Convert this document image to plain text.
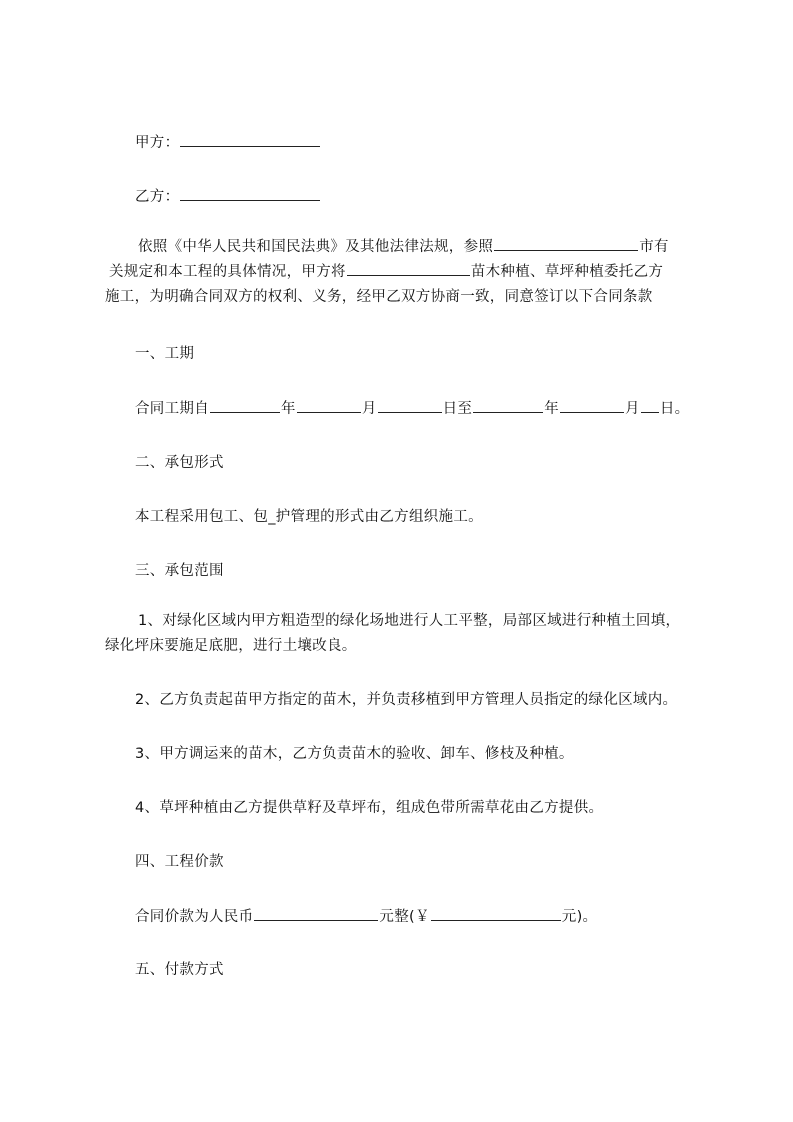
甲方：
乙方：
依照《中华人民共和国民法典》及其他法律法规，参照	市有
关规定和本工程的具体情况，甲方将	苗木种植、草坪种植委托乙方
施工，为明确合同双方的权利、义务，经甲乙双方协商一致，同意签订以下合同条款
一、工期
合同工期自	年	月	日至	年	月 日。
二、承包形式
本工程采用包工、包_护管理的形式由乙方组织施工。
三、承包范围
1、对绿化区域内甲方粗造型的绿化场地进行人工平整，局部区域进行种植土回填，
绿化坪床要施足底肥，进行土壤改良。
2、乙方负责起苗甲方指定的苗木，并负责移植到甲方管理人员指定的绿化区域内。
3、甲方调运来的苗木，乙方负责苗木的验收、卸车、修枝及种植。
4、草坪种植由乙方提供草籽及草坪布，组成色带所需草花由乙方提供。
四、工程价款
合同价款为人民币	元整(￥	元)。
五、付款方式
